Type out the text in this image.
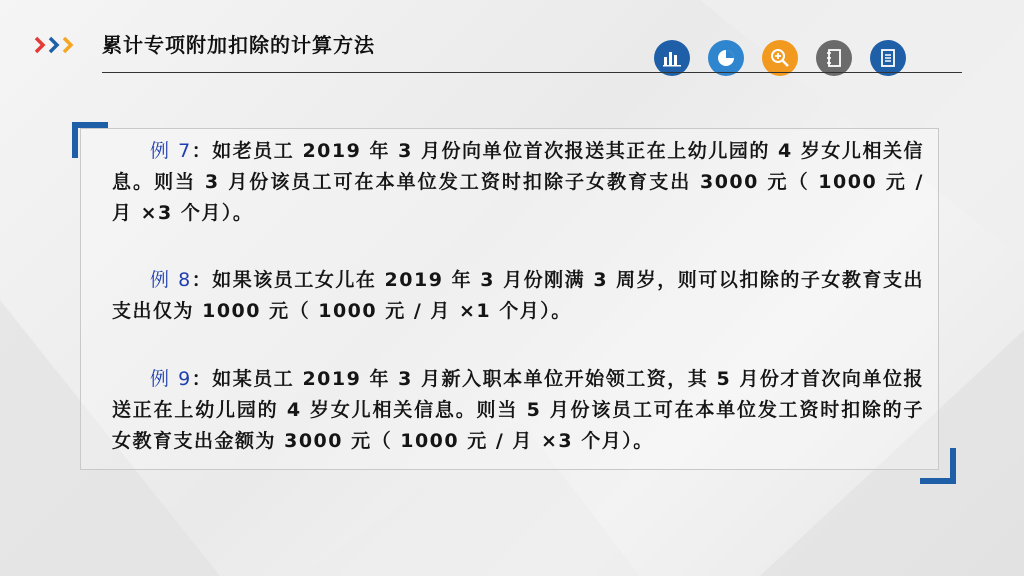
累计专项附加扣除的计算方法
例 7：如老员工 2019 年 3 月份向单位首次报送其正在上幼儿园的 4 岁女儿相关信息。则当 3 月份该员工可在本单位发工资时扣除子女教育支出 3000 元（ 1000 元 / 月 ×3 个月）。
例 8：如果该员工女儿在 2019 年 3 月份刚满 3 周岁，则可以扣除的子女教育支出支出仅为 1000 元（ 1000 元 / 月 ×1 个月）。
例 9：如某员工 2019 年 3 月新入职本单位开始领工资，其 5 月份才首次向单位报送正在上幼儿园的 4 岁女儿相关信息。则当 5 月份该员工可在本单位发工资时扣除的子女教育支出金额为 3000 元（ 1000 元 / 月 ×3 个月）。
